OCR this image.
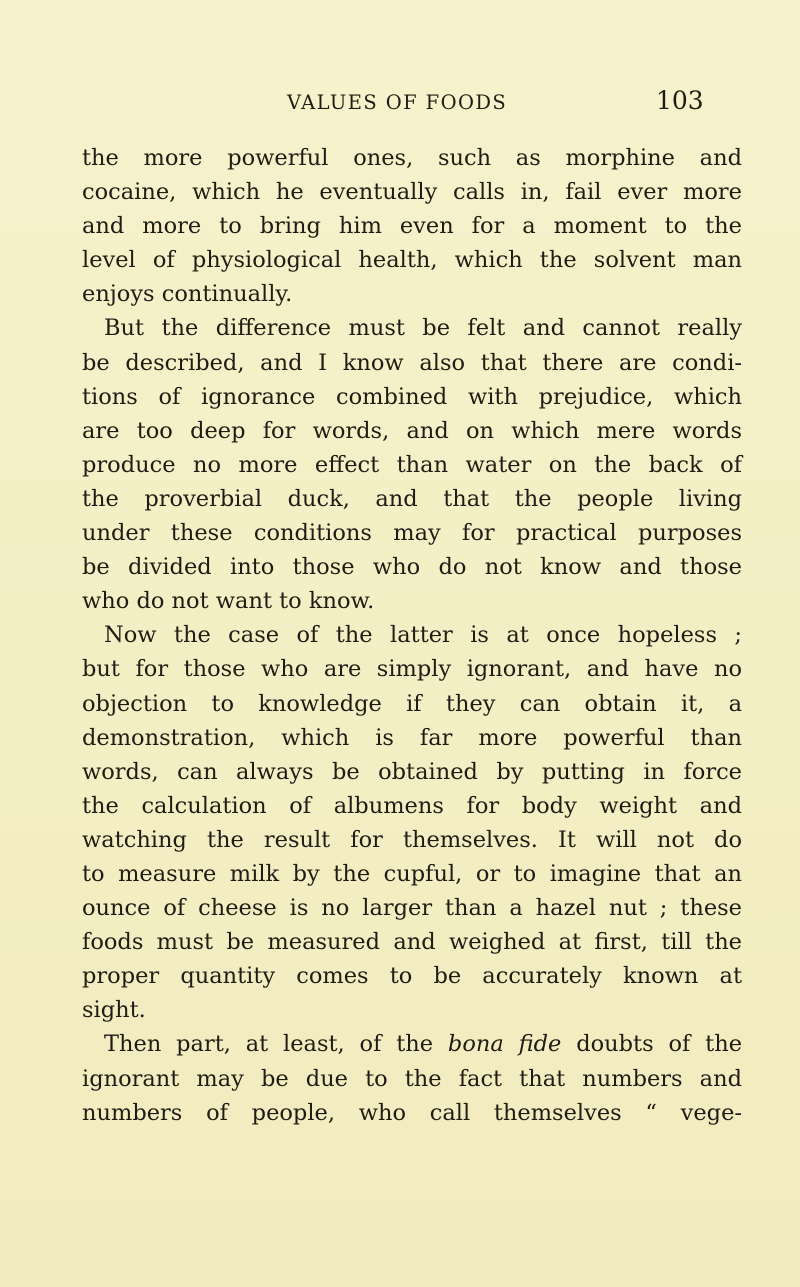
VALUES OF FOODS	103
the more powerful ones, such as morphine and
cocaine, which he eventually calls in, fail ever more
and more to bring him even for a moment to the
level of physiological health, which the solvent man
enjoys continually.
But the difference must be felt and cannot really
be described, and I know also that there are condi-
tions of ignorance combined with prejudice, which
are too deep for words, and on which mere words
produce no more effect than water on the back of
the proverbial duck, and that the people living
under these conditions may for practical purposes
be divided into those who do not know and those
who do not want to know.
Now the case of the latter is at once hopeless ;
but for those who are simply ignorant, and have no
objection to knowledge if they can obtain it, a
demonstration, which is far more powerful than
words, can always be obtained by putting in force
the calculation of albumens for body weight and
watching the result for themselves. It will not do
to measure milk by the cupful, or to imagine that an
ounce of cheese is no larger than a hazel nut ; these
foods must be measured and weighed at first, till the
proper quantity comes to be accurately known at
sight.
Then part, at least, of the bona fide doubts of the
ignorant may be due to the fact that numbers and
numbers of people, who call themselves “ vege-
